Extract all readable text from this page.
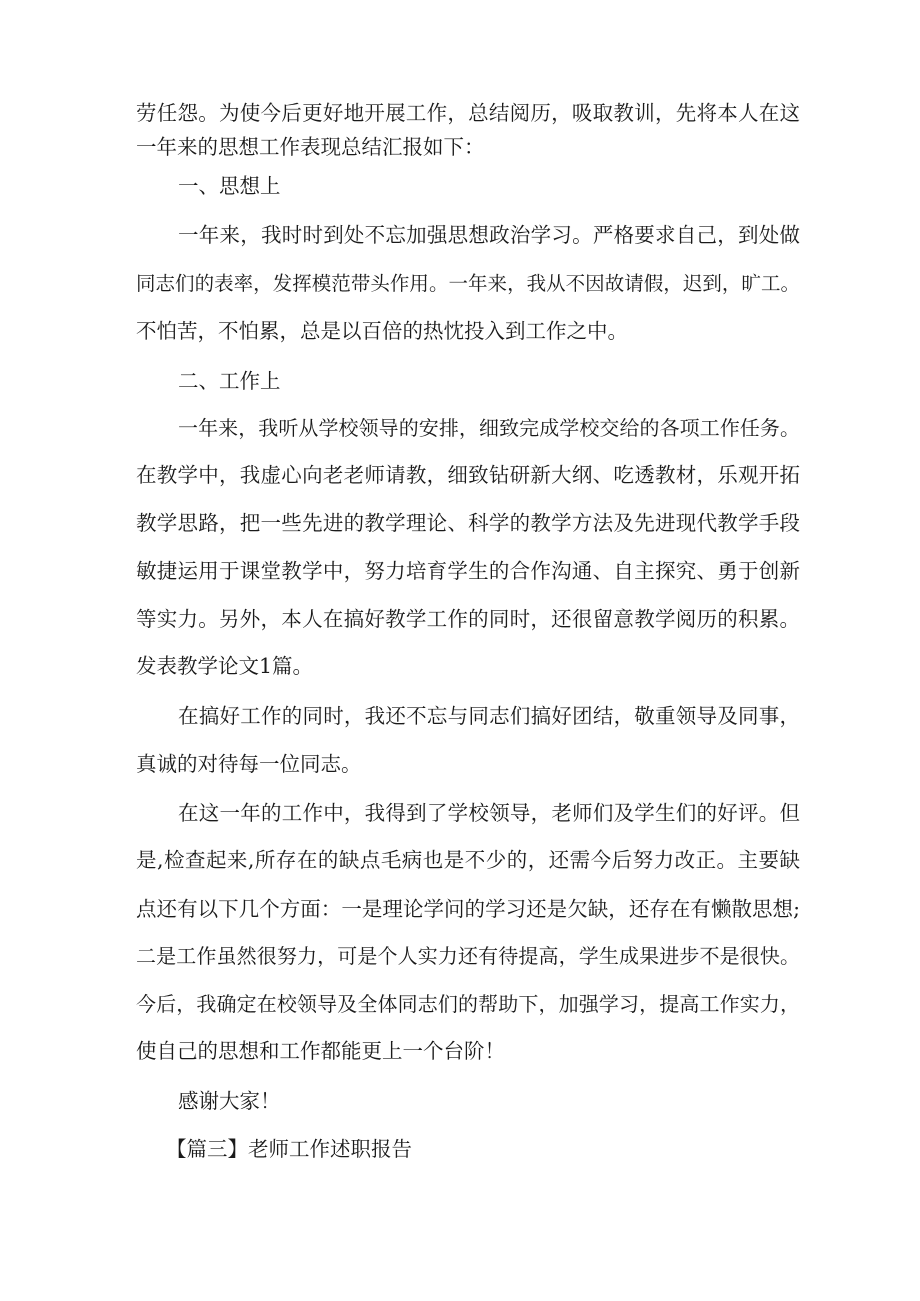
劳任怨。为使今后更好地开展工作，总结阅历，吸取教训，先将本人在这
一年来的思想工作表现总结汇报如下：
一、思想上
一年来，我时时到处不忘加强思想政治学习。严格要求自己，到处做
同志们的表率，发挥模范带头作用。一年来，我从不因故请假，迟到，旷工。
不怕苦，不怕累，总是以百倍的热忱投入到工作之中。
二、工作上
一年来，我听从学校领导的安排，细致完成学校交给的各项工作任务。
在教学中，我虚心向老老师请教，细致钻研新大纲、吃透教材，乐观开拓
教学思路，把一些先进的教学理论、科学的教学方法及先进现代教学手段
敏捷运用于课堂教学中，努力培育学生的合作沟通、自主探究、勇于创新
等实力。另外，本人在搞好教学工作的同时，还很留意教学阅历的积累。
发表教学论文1篇。
在搞好工作的同时，我还不忘与同志们搞好团结，敬重领导及同事，
真诚的对待每一位同志。
在这一年的工作中，我得到了学校领导，老师们及学生们的好评。但
是,检查起来,所存在的缺点毛病也是不少的，还需今后努力改正。主要缺
点还有以下几个方面：一是理论学问的学习还是欠缺，还存在有懒散思想;
二是工作虽然很努力，可是个人实力还有待提高，学生成果进步不是很快。
今后，我确定在校领导及全体同志们的帮助下，加强学习，提高工作实力，
使自己的思想和工作都能更上一个台阶！
感谢大家！
【篇三】老师工作述职报告
